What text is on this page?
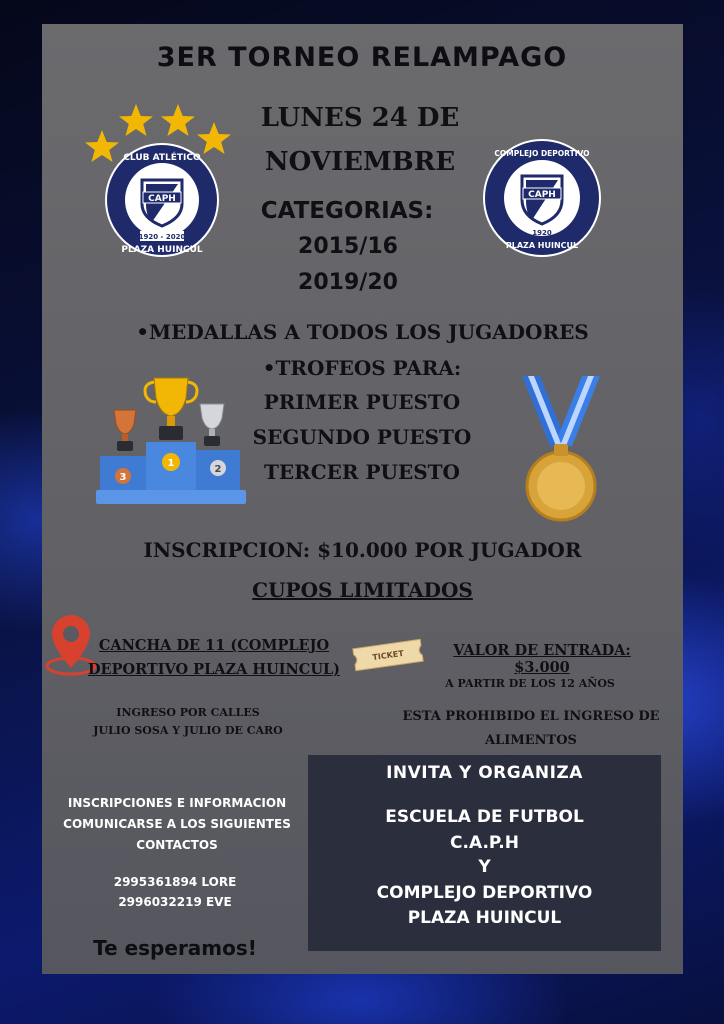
3ER TORNEO RELAMPAGO
CAPH
CLUB ATLÉTICO
1920 - 2020
PLAZA HUINCUL
CAPH
COMPLEJO DEPORTIVO
1920
PLAZA HUINCUL
LUNES 24 DE
NOVIEMBRE
CATEGORIAS:
2015/16
2019/20
•MEDALLAS A TODOS LOS JUGADORES
•TROFEOS PARA:
PRIMER PUESTO
SEGUNDO PUESTO
TERCER PUESTO
1
2
3
INSCRIPCION: $10.000 POR JUGADOR
CUPOS LIMITADOS
CANCHA DE 11 (COMPLEJO
DEPORTIVO PLAZA HUINCUL)
TICKET	VALOR DE ENTRADA: $3.000
A PARTIR DE LOS 12 AÑOS
INGRESO POR CALLES
JULIO SOSA Y JULIO DE CARO
ESTA PROHIBIDO EL INGRESO DE
ALIMENTOS
INSCRIPCIONES E INFORMACION
COMUNICARSE A LOS SIGUIENTES
CONTACTOS
2995361894 LORE
2996032219 EVE
Te esperamos!
INVITA Y ORGANIZA
ESCUELA DE FUTBOL
C.A.P.H
Y
COMPLEJO DEPORTIVO
PLAZA HUINCUL
